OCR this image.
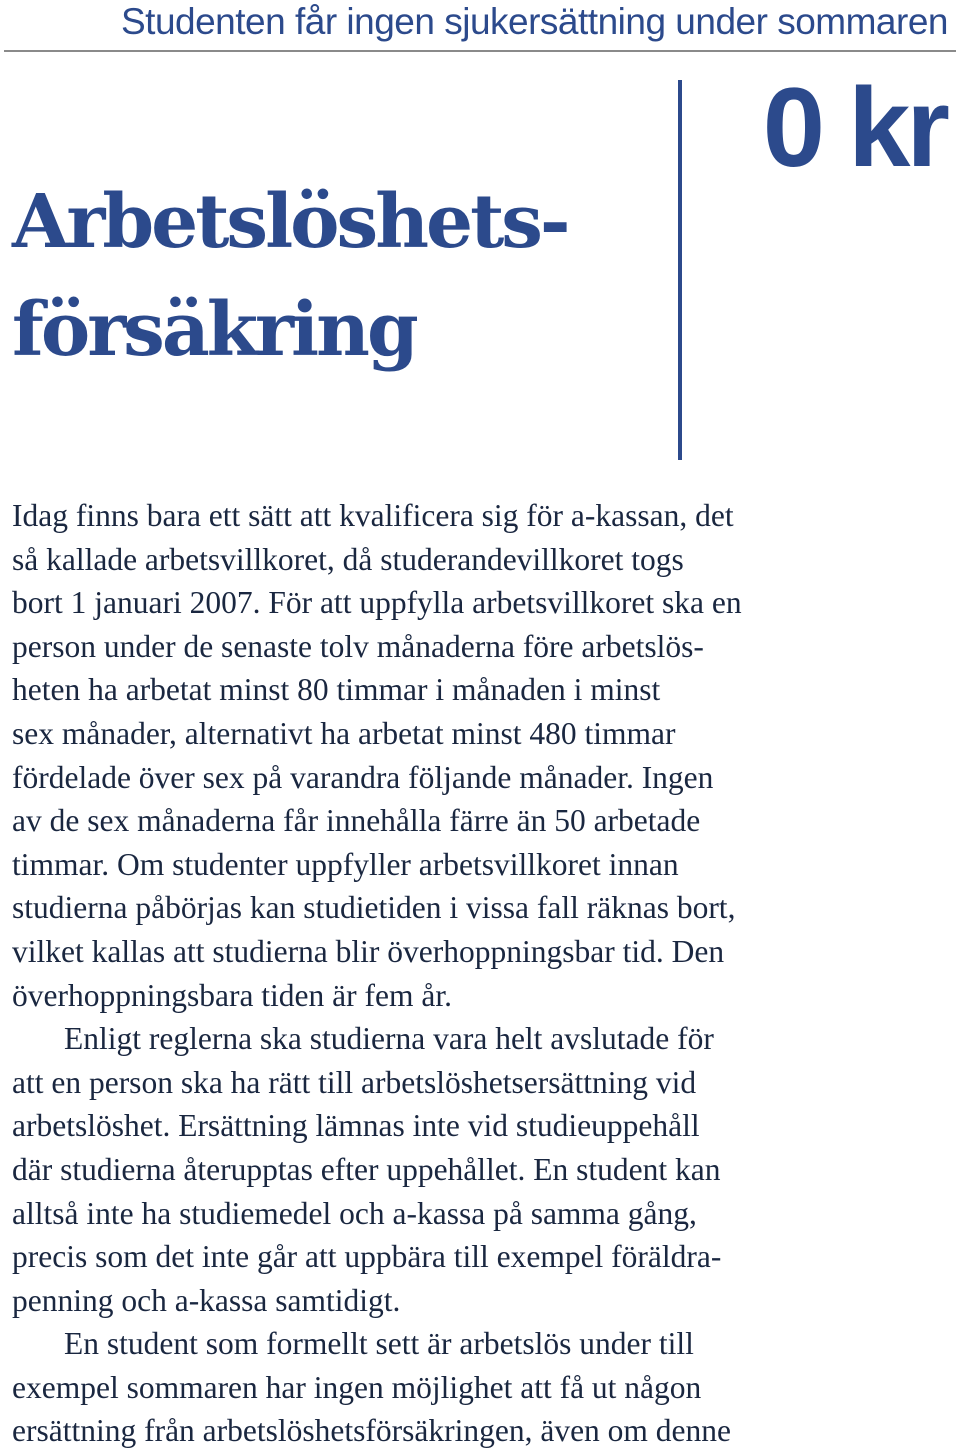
Studenten får ingen sjukersättning under sommaren
0 kr
Arbetslöshets-
försäkring
Idag finns bara ett sätt att kvalificera sig för a-kassan, det
så kallade arbetsvillkoret, då studerandevillkoret togs
bort 1 januari 2007. För att uppfylla arbetsvillkoret ska en
person under de senaste tolv månaderna före arbetslös-
heten ha arbetat minst 80 timmar i månaden i minst
sex månader, alternativt ha arbetat minst 480 timmar
fördelade över sex på varandra följande månader. Ingen
av de sex månaderna får innehålla färre än 50 arbetade
timmar. Om studenter uppfyller arbetsvillkoret innan
studierna påbörjas kan studietiden i vissa fall räknas bort,
vilket kallas att studierna blir överhoppningsbar tid. Den
överhoppningsbara tiden är fem år.
Enligt reglerna ska studierna vara helt avslutade för
att en person ska ha rätt till arbetslöshetsersättning vid
arbetslöshet. Ersättning lämnas inte vid studieuppehåll
där studierna återupptas efter uppehållet. En student kan
alltså inte ha studiemedel och a-kassa på samma gång,
precis som det inte går att uppbära till exempel föräldra-
penning och a-kassa samtidigt.
En student som formellt sett är arbetslös under till
exempel sommaren har ingen möjlighet att få ut någon
ersättning från arbetslöshetsförsäkringen, även om denne
